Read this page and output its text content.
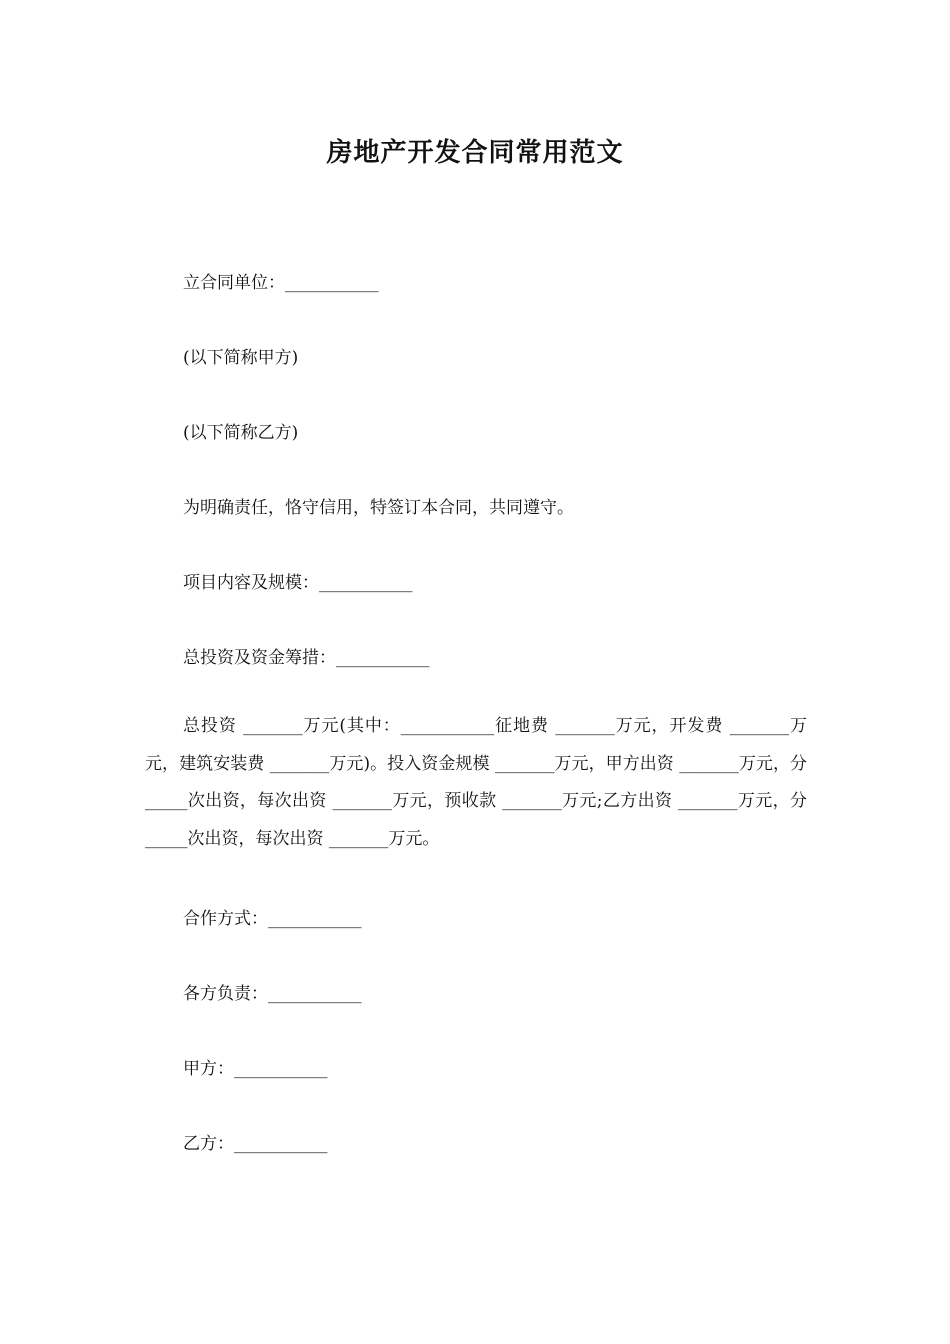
房地产开发合同常用范文
立合同单位：___________
(以下简称甲方)
(以下简称乙方)
为明确责任，恪守信用，特签订本合同，共同遵守。
项目内容及规模：___________
总投资及资金筹措：___________
总投资 _______万元(其中：___________征地费 _______万元，开发费 _______万元，建筑安装费 _______万元)。投入资金规模 _______万元，甲方出资 _______万元，分_____次出资，每次出资 _______万元，预收款 _______万元;乙方出资 _______万元，分_____次出资，每次出资 _______万元。
合作方式：___________
各方负责：___________
甲方：___________
乙方：___________
